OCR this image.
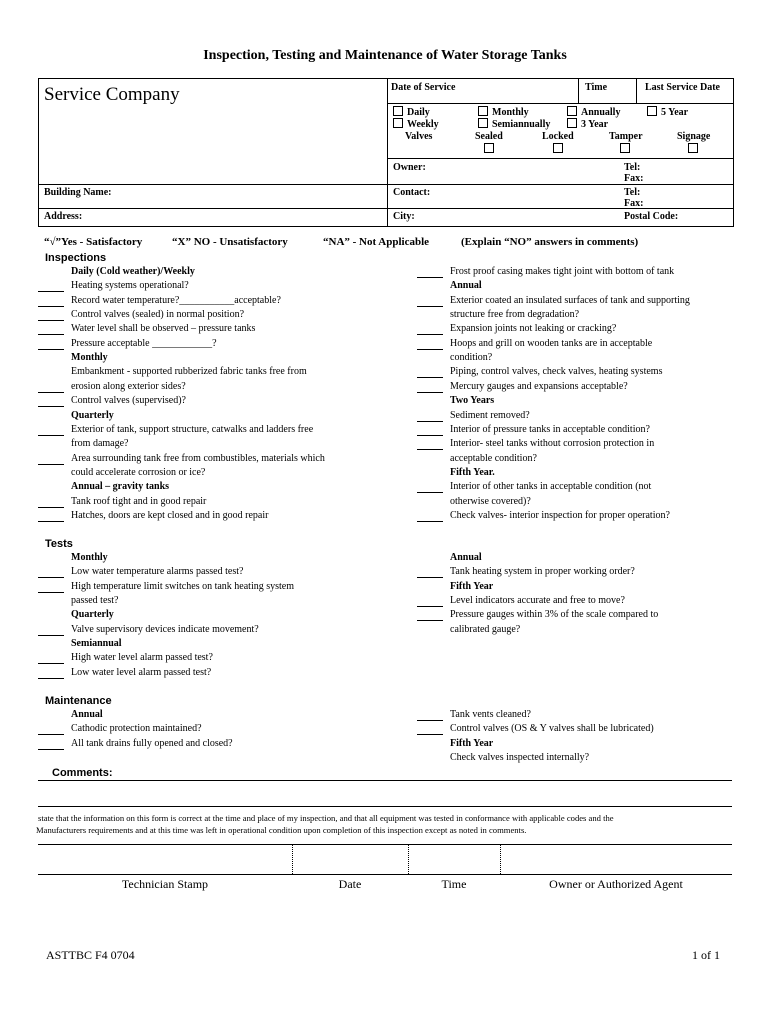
Inspection, Testing and Maintenance of Water Storage Tanks
Service Company	Date of Service	Time	Last Service Date
Daily
Weekly
Monthly
Semiannually
Annually
3 Year
5 Year
Valves	Sealed	Locked	Tamper	Signage
Owner:	Tel:
Fax:
Building Name:	Contact:	Tel:
Fax:
Address:	City:	Postal Code:
“√”Yes - Satisfactory	“X” NO - Unsatisfactory	“NA” - Not Applicable	(Explain “NO” answers in comments)
Inspections
Tests
Maintenance
Daily (Cold weather)/Weekly
Heating systems operational?
Record water temperature?___________acceptable?
Control valves (sealed) in normal position?
Water level shall be observed – pressure tanks
Pressure acceptable ____________?
Monthly
Embankment - supported rubberized fabric tanks free from
erosion along exterior sides?
Control valves (supervised)?
Quarterly
Exterior of tank, support structure, catwalks and ladders free
from damage?
Area surrounding tank free from combustibles, materials which
could accelerate corrosion or ice?
Annual – gravity tanks
Tank roof tight and in good repair
Hatches, doors are kept closed and in good repair
Frost proof casing makes tight joint with bottom of tank
Annual
Exterior coated an insulated surfaces of tank and supporting
structure free from degradation?
Expansion joints not leaking or cracking?
Hoops and grill on wooden tanks are in acceptable
condition?
Piping, control valves, check valves, heating systems
Mercury gauges and expansions acceptable?
Two Years
Sediment removed?
Interior of pressure tanks in acceptable condition?
Interior- steel tanks without corrosion protection in
acceptable condition?
Fifth Year.
Interior of other tanks in acceptable condition (not
otherwise covered)?
Check valves- interior inspection for proper operation?
Monthly
Low water temperature alarms passed test?
High temperature limit switches on tank heating system
passed test?
Quarterly
Valve supervisory devices indicate movement?
Semiannual
High water level alarm passed test?
Low water level alarm passed test?
Annual
Tank heating system in proper working order?
Fifth Year
Level indicators accurate and free to move?
Pressure gauges within 3% of the scale compared to
calibrated gauge?
Annual
Cathodic protection maintained?
All tank drains fully opened and closed?
Tank vents cleaned?
Control valves (OS & Y valves shall be lubricated)
Fifth Year
Check valves inspected internally?
Comments:
state that the information on this form is correct at the time and place of my inspection, and that all equipment was tested in conformance with applicable codes and the
Manufacturers requirements and at this time was left in operational condition upon completion of this inspection except as noted in comments.
Technician Stamp	Date	Time	Owner or Authorized Agent
ASTTBC F4 0704	1 of 1
